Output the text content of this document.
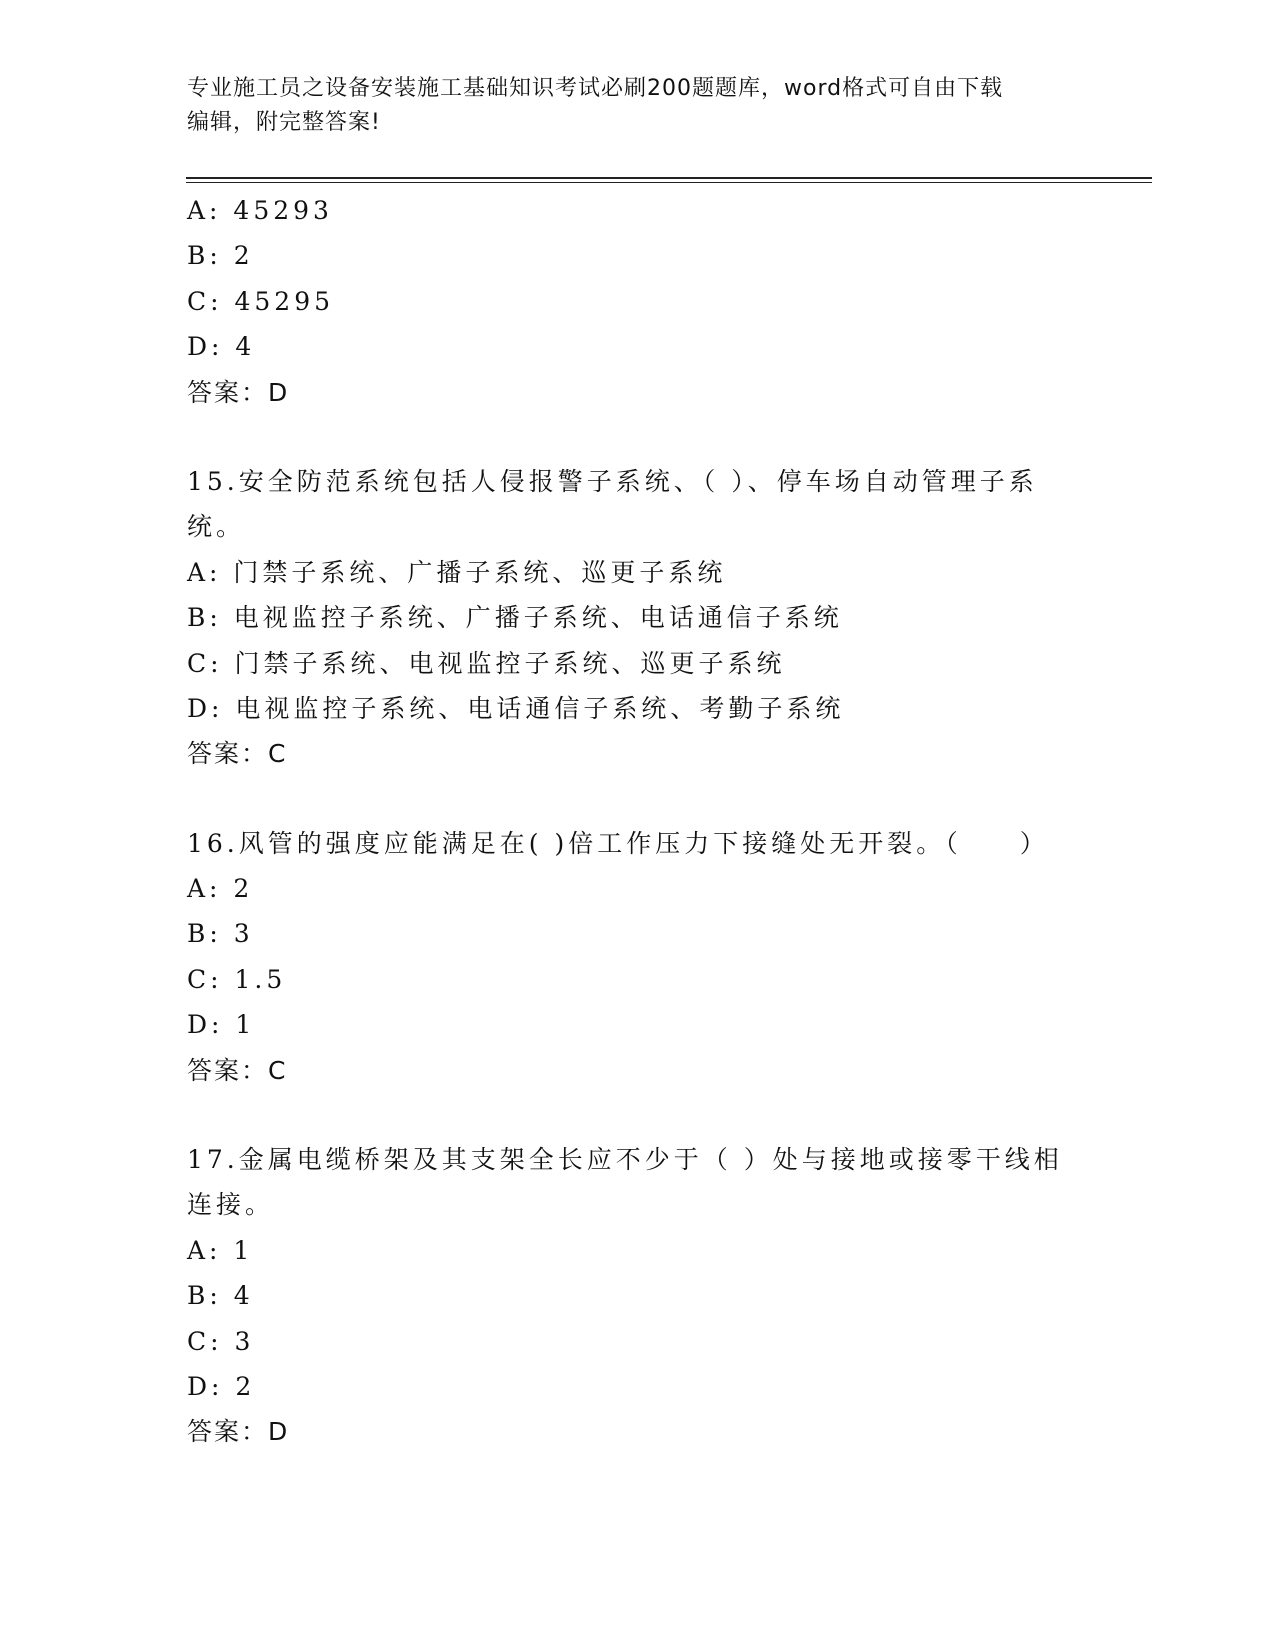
专业施工员之设备安装施工基础知识考试必刷200题题库，word格式可自由下载
编辑，附完整答案!
A: 45293
B: 2
C: 45295
D: 4
答案：D
15.安全防范系统包括人侵报警子系统、（ ）、停车场自动管理子系
统。
A: 门禁子系统、广播子系统、巡更子系统
B: 电视监控子系统、广播子系统、电话通信子系统
C: 门禁子系统、电视监控子系统、巡更子系统
D: 电视监控子系统、电话通信子系统、考勤子系统
答案：C
16.风管的强度应能满足在( )倍工作压力下接缝处无开裂。（　　）
A: 2
B: 3
C: 1.5
D: 1
答案：C
17.金属电缆桥架及其支架全长应不少于（ ）处与接地或接零干线相
连接。
A: 1
B: 4
C: 3
D: 2
答案：D
